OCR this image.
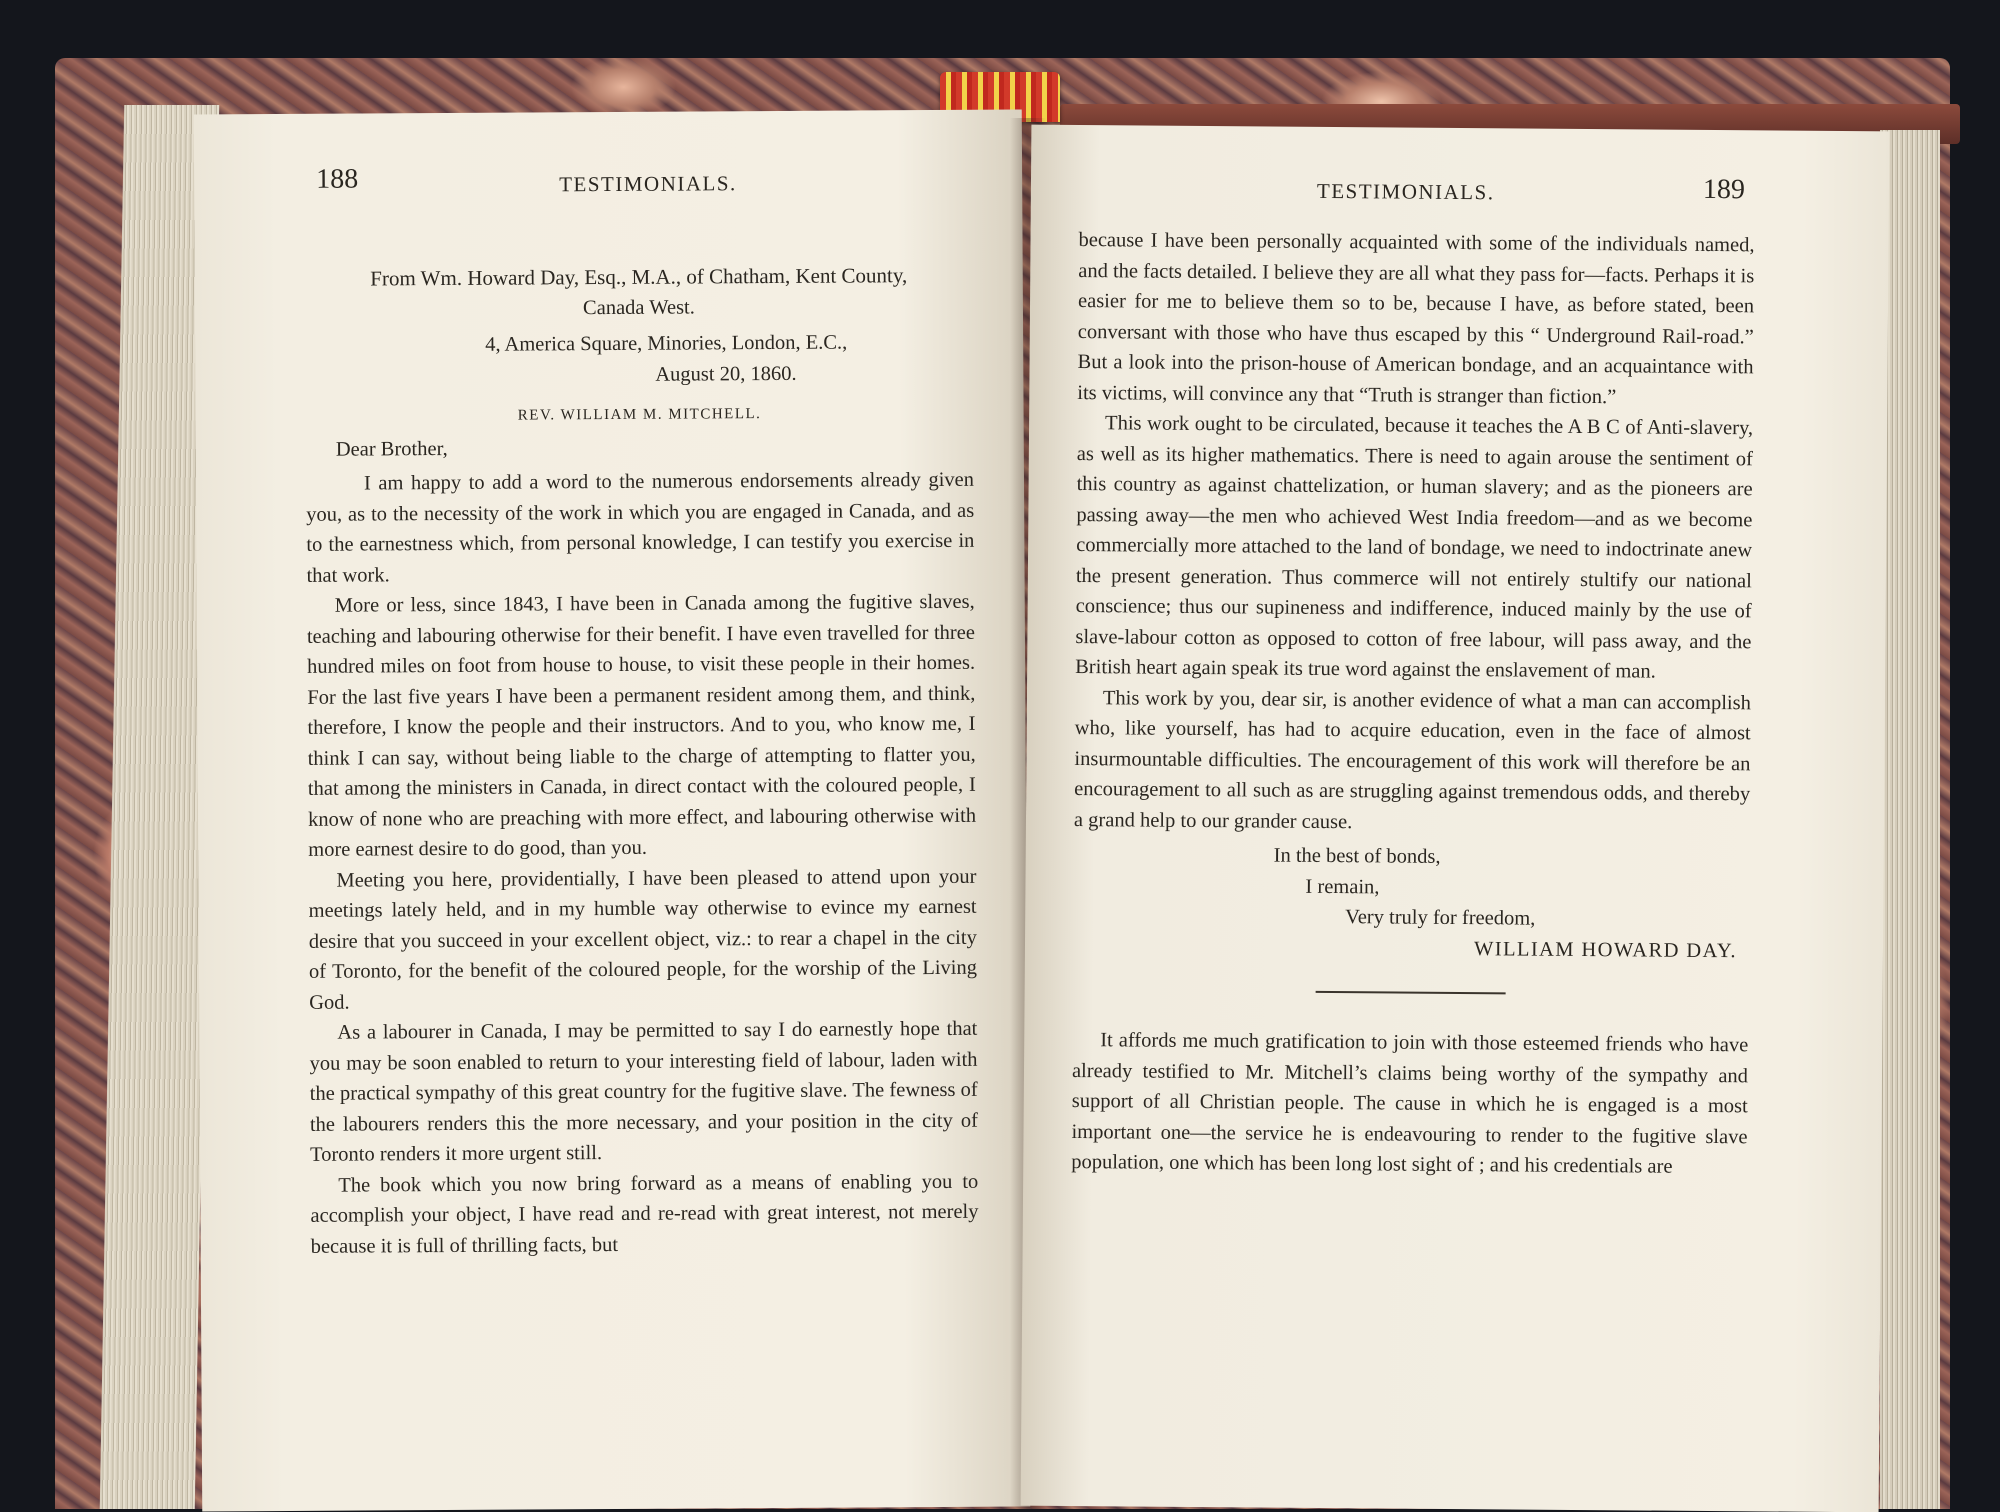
188	TESTIMONIALS.

From Wm. Howard Day, Esq., M.A., of Chatham, Kent County,

Canada West.

4, America Square, Minories, London, E.C.,

August 20, 1860.

REV. WILLIAM M. MITCHELL.

Dear Brother,

I am happy to add a word to the numerous endorsements already given you, as to the necessity of the work in which you are engaged in Canada, and as to the earnestness which, from personal knowledge, I can testify you exercise in that work.

More or less, since 1843, I have been in Canada among the fugitive slaves, teaching and labouring otherwise for their benefit. I have even travelled for three hundred miles on foot from house to house, to visit these people in their homes. For the last five years I have been a permanent resident among them, and think, therefore, I know the people and their instructors. And to you, who know me, I think I can say, without being liable to the charge of attempting to flatter you, that among the ministers in Canada, in direct contact with the coloured people, I know of none who are preaching with more effect, and labouring otherwise with more earnest desire to do good, than you.

Meeting you here, providentially, I have been pleased to attend upon your meetings lately held, and in my humble way otherwise to evince my earnest desire that you succeed in your excellent object, viz.: to rear a chapel in the city of Toronto, for the benefit of the coloured people, for the worship of the Living God.

As a labourer in Canada, I may be permitted to say I do earnestly hope that you may be soon enabled to return to your interesting field of labour, laden with the practical sympathy of this great country for the fugitive slave. The fewness of the labourers renders this the more necessary, and your position in the city of Toronto renders it more urgent still.

The book which you now bring forward as a means of enabling you to accomplish your object, I have read and re-read with great interest, not merely because it is full of thrilling facts, but

TESTIMONIALS.	189

because I have been personally acquainted with some of the individuals named, and the facts detailed. I believe they are all what they pass for—facts. Perhaps it is easier for me to believe them so to be, because I have, as before stated, been conversant with those who have thus escaped by this “ Underground Rail-road.” But a look into the prison-house of American bondage, and an acquaintance with its victims, will convince any that “Truth is stranger than fiction.”

This work ought to be circulated, because it teaches the A B C of Anti-slavery, as well as its higher mathematics. There is need to again arouse the sentiment of this country as against chattelization, or human slavery; and as the pioneers are passing away—the men who achieved West India freedom—and as we become commercially more attached to the land of bondage, we need to indoctrinate anew the present generation. Thus commerce will not entirely stultify our national conscience; thus our supineness and indifference, induced mainly by the use of slave-labour cotton as opposed to cotton of free labour, will pass away, and the British heart again speak its true word against the enslavement of man.

This work by you, dear sir, is another evidence of what a man can accomplish who, like yourself, has had to acquire education, even in the face of almost insurmountable difficulties. The encouragement of this work will therefore be an encouragement to all such as are struggling against tremendous odds, and thereby a grand help to our grander cause.

In the best of bonds,

I remain,

Very truly for freedom,

WILLIAM HOWARD DAY.

It affords me much gratification to join with those esteemed friends who have already testified to Mr. Mitchell’s claims being worthy of the sympathy and support of all Christian people. The cause in which he is engaged is a most important one—the service he is endeavouring to render to the fugitive slave population, one which has been long lost sight of ; and his credentials are
